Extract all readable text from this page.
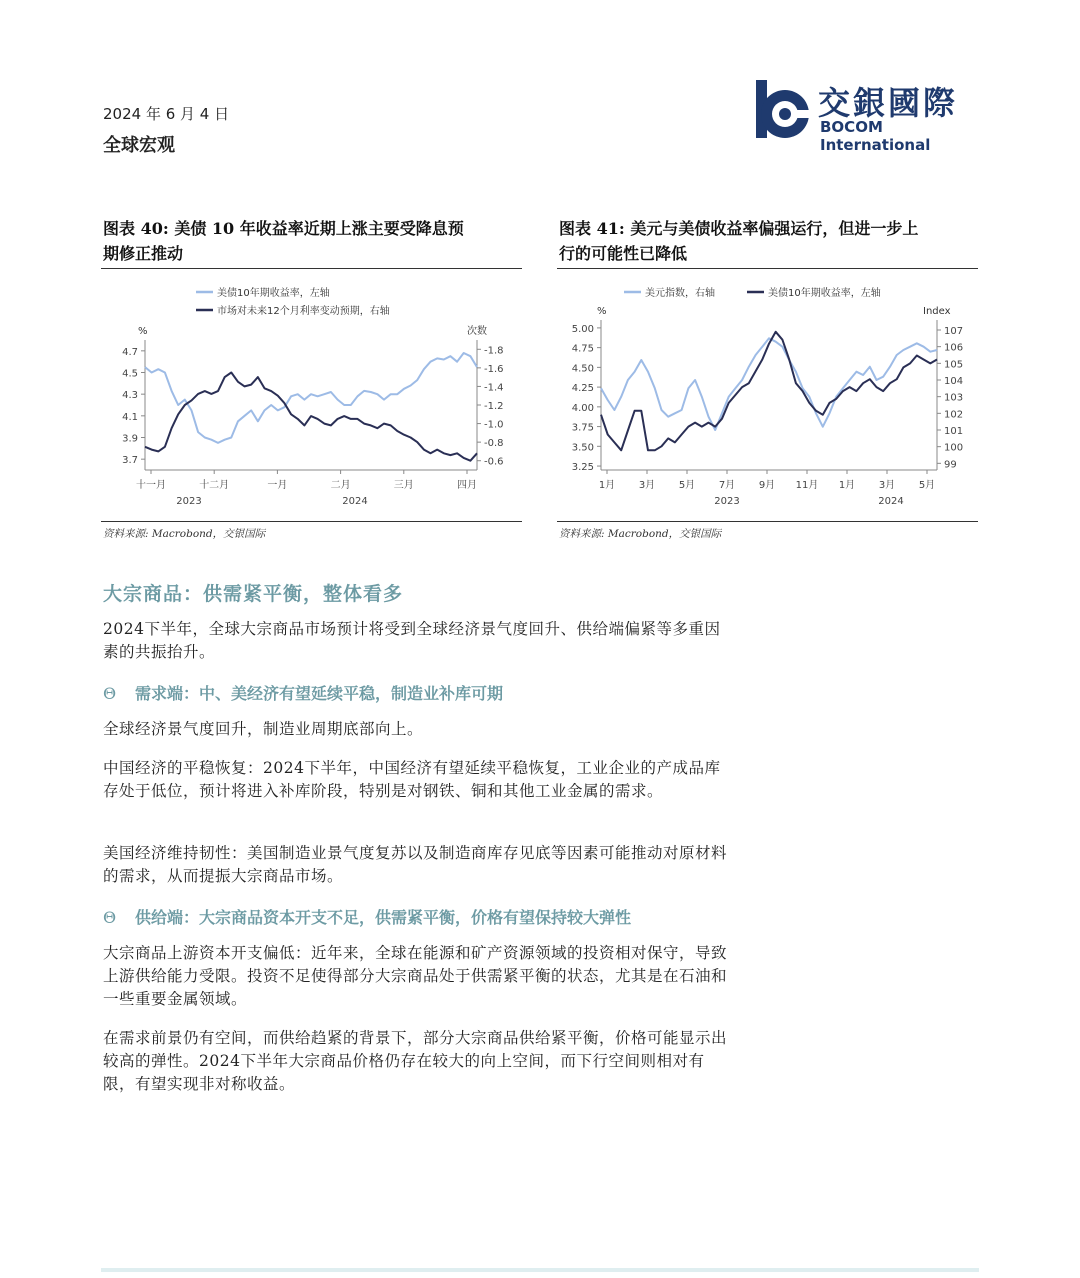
2024 年 6 月 4 日
全球宏观
交銀國際
BOCOM International
图表 40: 美债 10 年收益率近期上涨主要受降息预
期修正推动
美债10年期收益率，左轴
市场对未来12个月利率变动预期，右轴
%	次数
4.7
4.5
4.3
4.1
3.9
3.7	-0.6
-0.8
-1.0
-1.2
-1.4
-1.6
-1.8
十一月	十二月	一月	二月	三月	四月
2023	2024
资料来源: Macrobond，交银国际
图表 41: 美元与美债收益率偏强运行，但进一步上
行的可能性已降低
美元指数，右轴	美债10年期收益率，左轴
%	Index
5.00
4.75
4.50
4.25
4.00
3.75
3.50
3.25
107
106
105
104
103
102
101
100
99
1月 3月 5月 7月 9月 11月 1月 3月 5月
2023	2024
资料来源: Macrobond，交银国际
大宗商品：供需紧平衡，整体看多
2024下半年，全球大宗商品市场预计将受到全球经济景气度回升、供给端偏紧等多重因素的共振抬升。
Θ 需求端：中、美经济有望延续平稳，制造业补库可期
全球经济景气度回升，制造业周期底部向上。
中国经济的平稳恢复：2024下半年，中国经济有望延续平稳恢复，工业企业的产成品库存处于低位，预计将进入补库阶段，特别是对钢铁、铜和其他工业金属的需求。
美国经济维持韧性：美国制造业景气度复苏以及制造商库存见底等因素可能推动对原材料的需求，从而提振大宗商品市场。
Θ 供给端：大宗商品资本开支不足，供需紧平衡，价格有望保持较大弹性
大宗商品上游资本开支偏低：近年来，全球在能源和矿产资源领域的投资相对保守，导致上游供给能力受限。投资不足使得部分大宗商品处于供需紧平衡的状态，尤其是在石油和一些重要金属领域。
在需求前景仍有空间，而供给趋紧的背景下，部分大宗商品供给紧平衡，价格可能显示出较高的弹性。2024下半年大宗商品价格仍存在较大的向上空间，而下行空间则相对有限，有望实现非对称收益。
